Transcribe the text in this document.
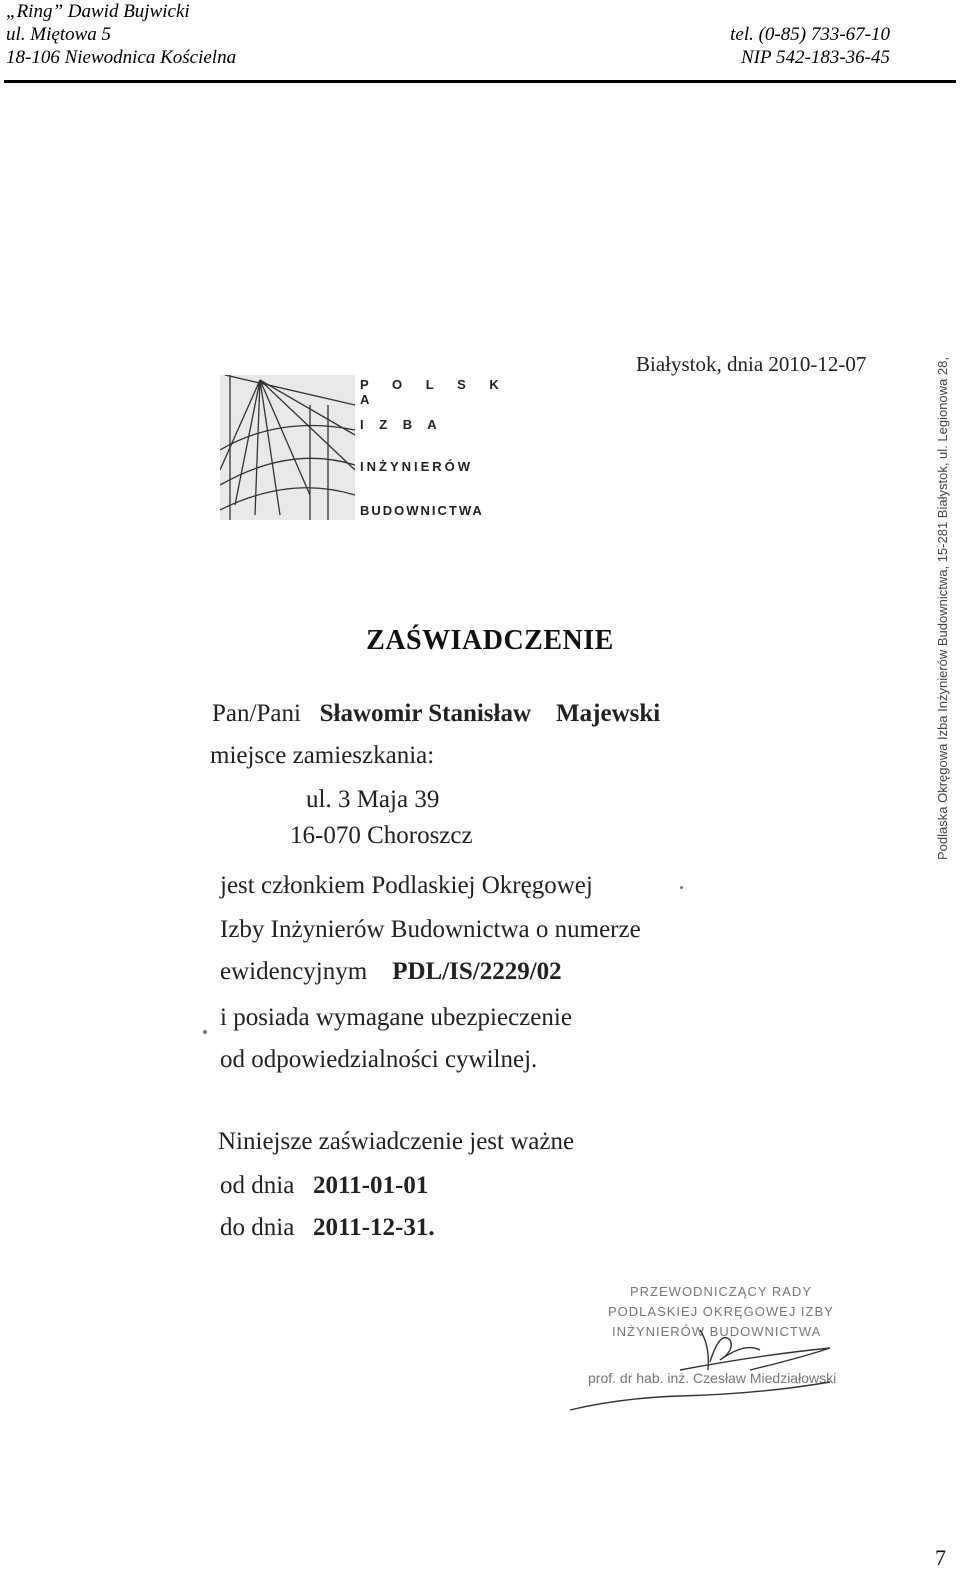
„Ring” Dawid Bujwicki
ul. Miętowa 5
18-106 Niewodnica Kościelna
tel. (0-85) 733-67-10
NIP 542-183-36-45
Białystok, dnia 2010-12-07
P O L S K A
I Z B A
INŻYNIERÓW
BUDOWNICTWA
ZAŚWIADCZENIE
Pan/Pani Sławomir Stanisław Majewski
miejsce zamieszkania:
ul. 3 Maja 39
16-070 Choroszcz
jest członkiem Podlaskiej Okręgowej
Izby Inżynierów Budownictwa o numerze
ewidencyjnym PDL/IS/2229/02
i posiada wymagane ubezpieczenie
od odpowiedzialności cywilnej.
Niniejsze zaświadczenie jest ważne
od dnia 2011-01-01
do dnia 2011-12-31.
Podlaska Okręgowa Izba Inżynierów Budownictwa, 15-281 Białystok, ul. Legionowa 28,
PRZEWODNICZĄCY RADY
PODLASKIEJ OKRĘGOWEJ IZBY
INŻYNIERÓW BUDOWNICTWA
prof. dr hab. inż. Czesław Miedziałowski
7
